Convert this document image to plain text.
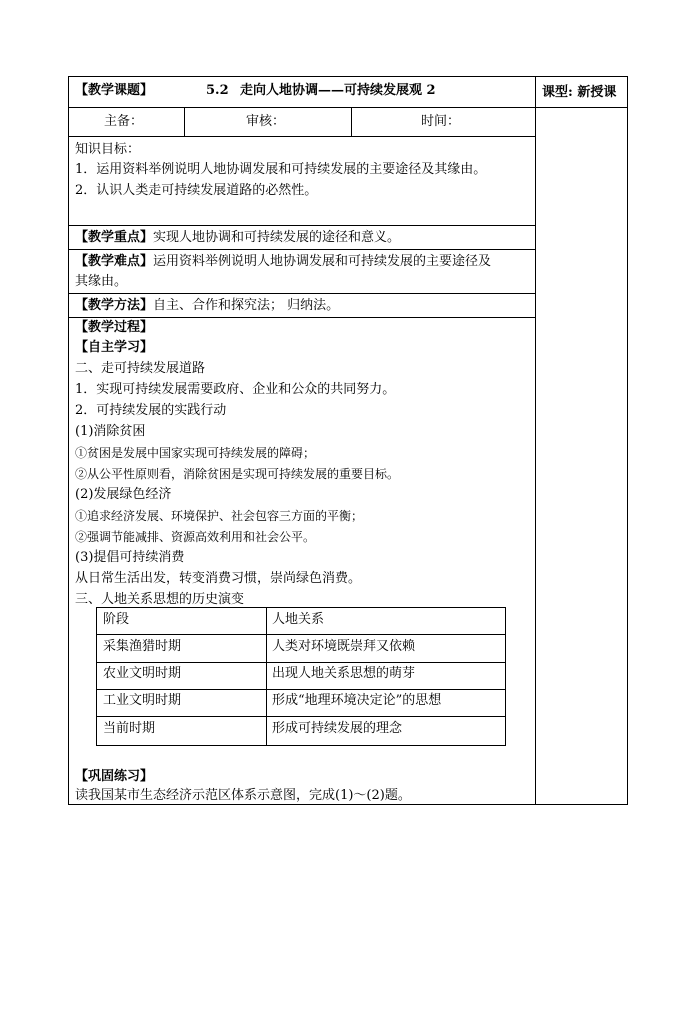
【教学课题】	5.2 走向人地协调——可持续发展观 2	课型: 新授课
主备：	审核：	时间：
知识目标：
1．运用资料举例说明人地协调发展和可持续发展的主要途径及其缘由。
2．认识人类走可持续发展道路的必然性。
【教学重点】实现人地协调和可持续发展的途径和意义。
【教学难点】运用资料举例说明人地协调发展和可持续发展的主要途径及
其缘由。
【教学方法】自主、合作和探究法； 归纳法。
【教学过程】
【自主学习】
二、走可持续发展道路
1．实现可持续发展需要政府、企业和公众的共同努力。
2．可持续发展的实践行动
(1)消除贫困
①贫困是发展中国家实现可持续发展的障碍；
②从公平性原则看，消除贫困是实现可持续发展的重要目标。
(2)发展绿色经济
①追求经济发展、环境保护、社会包容三方面的平衡；
②强调节能减排、资源高效利用和社会公平。
(3)提倡可持续消费
从日常生活出发，转变消费习惯，崇尚绿色消费。
三、人地关系思想的历史演变
阶段	人地关系
采集渔猎时期	人类对环境既崇拜又依赖
农业文明时期	出现人地关系思想的萌芽
工业文明时期	形成“地理环境决定论”的思想
当前时期	形成可持续发展的理念
【巩固练习】
读我国某市生态经济示范区体系示意图，完成(1)～(2)题。
